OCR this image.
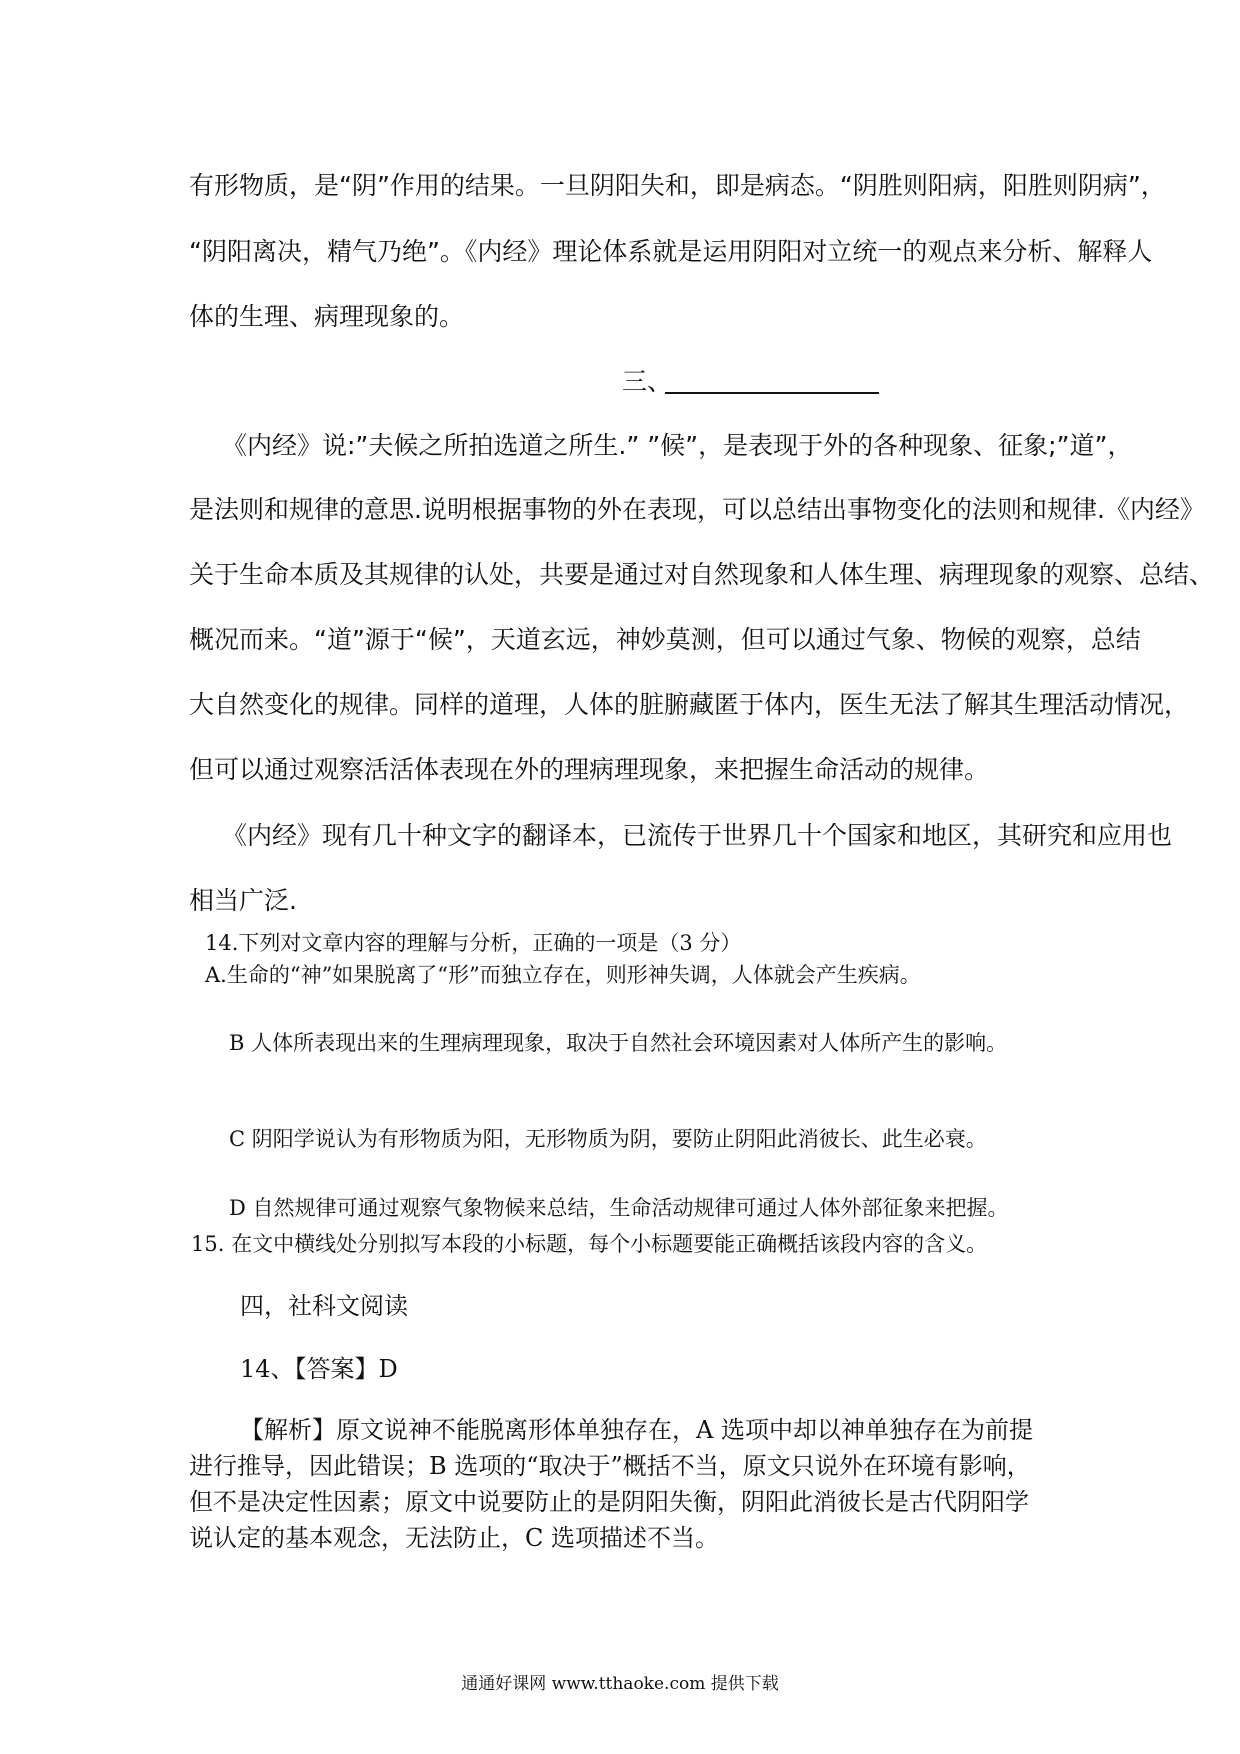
有形物质，是“阴”作用的结果。一旦阴阳失和，即是病态。“阴胜则阳病，阳胜则阴病”，
“阴阳离决，精气乃绝”。《内经》理论体系就是运用阴阳对立统一的观点来分析、解释人
体的生理、病理现象的。
三、
《内经》说:”夫候之所拍选道之所生.” ”候”，是表现于外的各种现象、征象;”道”，
是法则和规律的意思.说明根据事物的外在表现，可以总结出事物变化的法则和规律.《内经》
关于生命本质及其规律的认处，共要是通过对自然现象和人体生理、病理现象的观察、总结、
概况而来。“道”源于“候”，天道玄远，神妙莫测，但可以通过气象、物候的观察，总结
大自然变化的规律。同样的道理，人体的脏腑藏匿于体内，医生无法了解其生理活动情况，
但可以通过观察活活体表现在外的理病理现象，来把握生命活动的规律。
《内经》现有几十种文字的翻译本，已流传于世界几十个国家和地区，其研究和应用也
相当广泛.
14.下列对文章内容的理解与分析，正确的一项是（3 分）
A.生命的“神”如果脱离了“形”而独立存在，则形神失调，人体就会产生疾病。
B 人体所表现出来的生理病理现象，取决于自然社会环境因素对人体所产生的影响。
C 阴阳学说认为有形物质为阳，无形物质为阴，要防止阴阳此消彼长、此生必衰。
D 自然规律可通过观察气象物候来总结，生命活动规律可通过人体外部征象来把握。
15. 在文中横线处分别拟写本段的小标题，每个小标题要能正确概括该段内容的含义。
四，社科文阅读
14、【答案】D
【解析】原文说神不能脱离形体单独存在，A 选项中却以神单独存在为前提
进行推导，因此错误；B 选项的“取决于”概括不当，原文只说外在环境有影响，
但不是决定性因素；原文中说要防止的是阴阳失衡，阴阳此消彼长是古代阴阳学
说认定的基本观念，无法防止，C 选项描述不当。
通通好课网 www.tthaoke.com 提供下载
